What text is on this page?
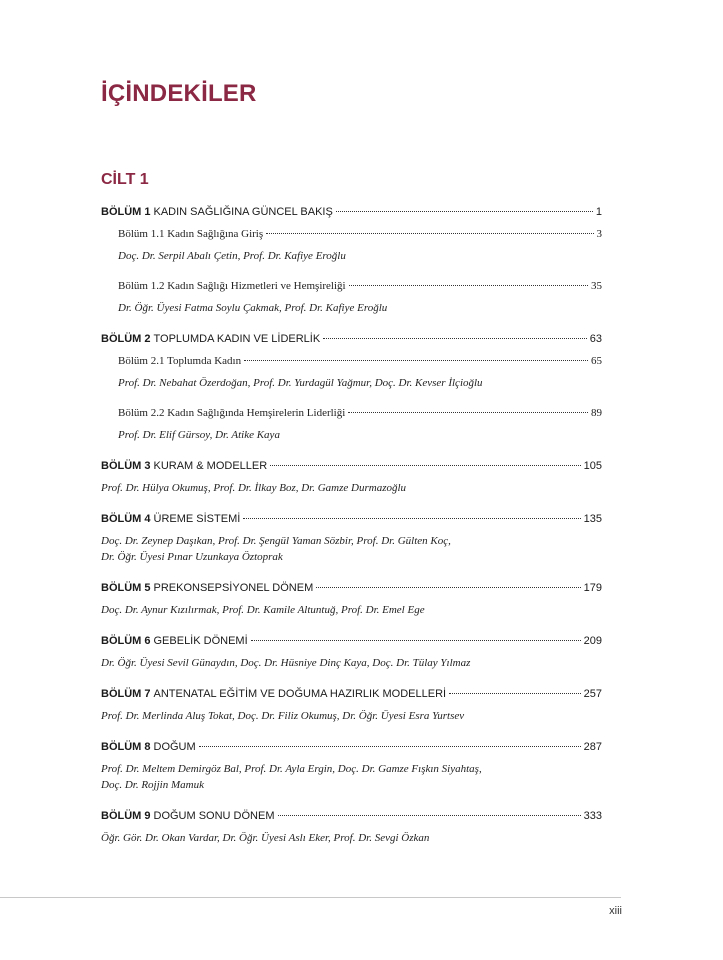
İÇİNDEKİLER
CİLT 1
BÖLÜM 1 KADIN SAĞLIĞINA GÜNCEL BAKIŞ	1
Bölüm 1.1 Kadın Sağlığına Giriş	3
Doç. Dr. Serpil Abalı Çetin, Prof. Dr. Kafiye Eroğlu
Bölüm 1.2 Kadın Sağlığı Hizmetleri ve Hemşireliği	35
Dr. Öğr. Üyesi Fatma Soylu Çakmak, Prof. Dr. Kafiye Eroğlu
BÖLÜM 2 TOPLUMDA KADIN VE LİDERLİK	63
Bölüm 2.1 Toplumda Kadın	65
Prof. Dr. Nebahat Özerdoğan, Prof. Dr. Yurdagül Yağmur, Doç. Dr. Kevser İlçioğlu
Bölüm 2.2 Kadın Sağlığında Hemşirelerin Liderliği	89
Prof. Dr. Elif Gürsoy, Dr. Atike Kaya
BÖLÜM 3 KURAM & MODELLER	105
Prof. Dr. Hülya Okumuş, Prof. Dr. İlkay Boz, Dr. Gamze Durmazoğlu
BÖLÜM 4 ÜREME SİSTEMİ	135
Doç. Dr. Zeynep Daşıkan, Prof. Dr. Şengül Yaman Sözbir, Prof. Dr. Gülten Koç,
Dr. Öğr. Üyesi Pınar Uzunkaya Öztoprak
BÖLÜM 5 PREKONSEPSİYONEL DÖNEM	179
Doç. Dr. Aynur Kızılırmak, Prof. Dr. Kamile Altuntuğ, Prof. Dr. Emel Ege
BÖLÜM 6 GEBELİK DÖNEMİ	209
Dr. Öğr. Üyesi Sevil Günaydın, Doç. Dr. Hüsniye Dinç Kaya, Doç. Dr. Tülay Yılmaz
BÖLÜM 7 ANTENATAL EĞİTİM VE DOĞUMA HAZIRLIK MODELLERİ	257
Prof. Dr. Merlinda Aluş Tokat, Doç. Dr. Filiz Okumuş, Dr. Öğr. Üyesi Esra Yurtsev
BÖLÜM 8 DOĞUM	287
Prof. Dr. Meltem Demirgöz Bal, Prof. Dr. Ayla Ergin, Doç. Dr. Gamze Fışkın Siyahtaş,
Doç. Dr. Rojjin Mamuk
BÖLÜM 9 DOĞUM SONU DÖNEM	333
Öğr. Gör. Dr. Okan Vardar, Dr. Öğr. Üyesi Aslı Eker, Prof. Dr. Sevgi Özkan
xiii
